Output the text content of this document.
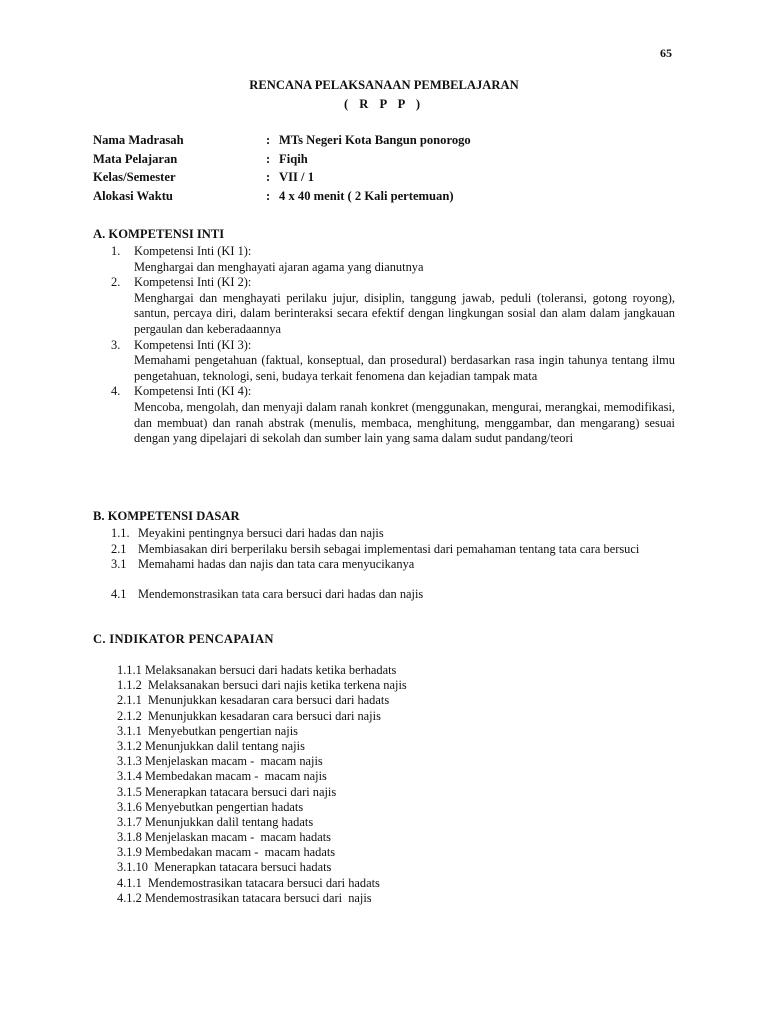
65
RENCANA PELAKSANAAN PEMBELAJARAN
( R P P )
Nama Madrasah	: MTs Negeri Kota Bangun ponorogo
Mata Pelajaran	: Fiqih
Kelas/Semester	: VII / 1
Alokasi Waktu	: 4 x 40 menit ( 2 Kali pertemuan)
A. KOMPETENSI INTI
1. Kompetensi Inti (KI 1):
Menghargai dan menghayati ajaran agama yang dianutnya
2. Kompetensi Inti (KI 2):
Menghargai dan menghayati perilaku jujur, disiplin, tanggung jawab, peduli (toleransi, gotong royong), santun, percaya diri, dalam berinteraksi secara efektif dengan lingkungan sosial dan alam dalam jangkauan pergaulan dan keberadaannya
3. Kompetensi Inti (KI 3):
Memahami pengetahuan (faktual, konseptual, dan prosedural) berdasarkan rasa ingin tahunya tentang ilmu pengetahuan, teknologi, seni, budaya terkait fenomena dan kejadian tampak mata
4. Kompetensi Inti (KI 4):
Mencoba, mengolah, dan menyaji dalam ranah konkret (menggunakan, mengurai, merangkai, memodifikasi, dan membuat) dan ranah abstrak (menulis, membaca, menghitung, menggambar, dan mengarang) sesuai dengan yang dipelajari di sekolah dan sumber lain yang sama dalam sudut pandang/teori
B. KOMPETENSI DASAR
1.1. Meyakini pentingnya bersuci dari hadas dan najis
2.1 Membiasakan diri berperilaku bersih sebagai implementasi dari pemahaman tentang tata cara bersuci
3.1 Memahami hadas dan najis dan tata cara menyucikanya
4.1 Mendemonstrasikan tata cara bersuci dari hadas dan najis
C. INDIKATOR PENCAPAIAN
1.1.1 Melaksanakan bersuci dari hadats ketika berhadats
1.1.2  Melaksanakan bersuci dari najis ketika terkena najis
2.1.1  Menunjukkan kesadaran cara bersuci dari hadats
2.1.2  Menunjukkan kesadaran cara bersuci dari najis
3.1.1  Menyebutkan pengertian najis
3.1.2 Menunjukkan dalil tentang najis
3.1.3 Menjelaskan macam -  macam najis
3.1.4 Membedakan macam -  macam najis
3.1.5 Menerapkan tatacara bersuci dari najis
3.1.6 Menyebutkan pengertian hadats
3.1.7 Menunjukkan dalil tentang hadats
3.1.8 Menjelaskan macam -  macam hadats
3.1.9 Membedakan macam -  macam hadats
3.1.10  Menerapkan tatacara bersuci hadats
4.1.1  Mendemostrasikan tatacara bersuci dari hadats
4.1.2 Mendemostrasikan tatacara bersuci dari  najis
